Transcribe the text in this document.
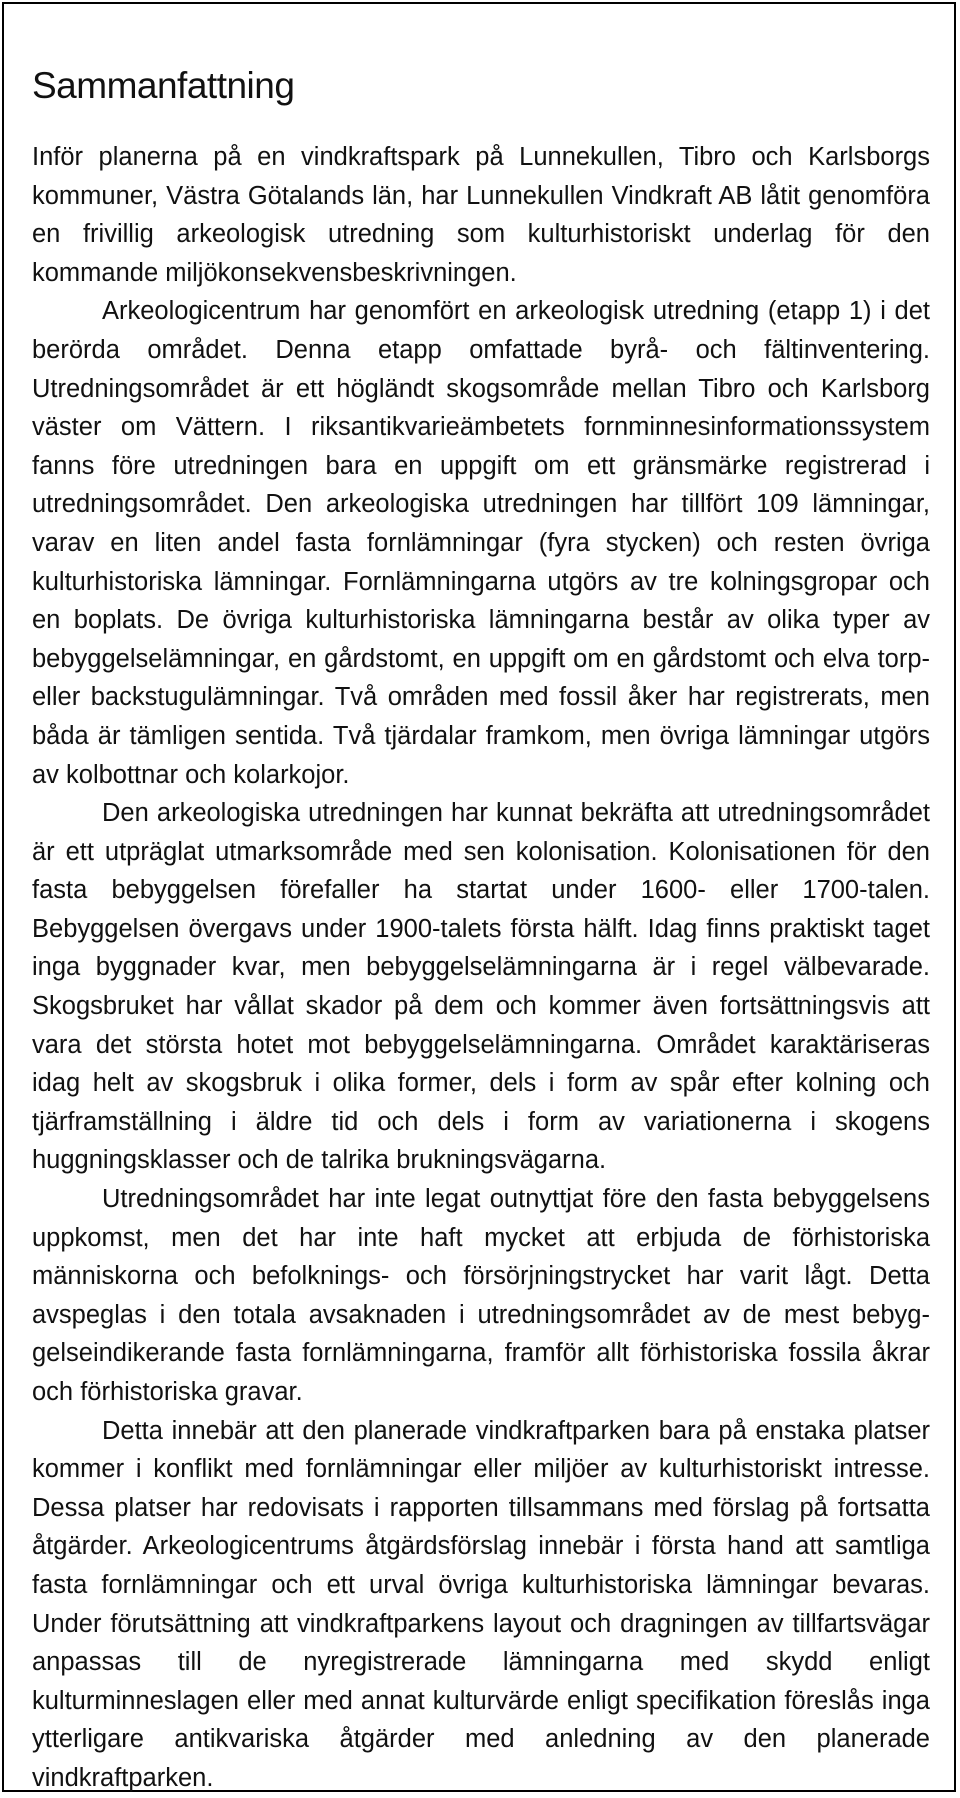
Sammanfattning

Inför planerna på en vindkraftspark på Lunnekullen, Tibro och Karlsborgs kommuner, Västra Götalands län, har Lunnekullen Vindkraft AB låtit genomföra en frivillig arkeologisk utredning som kulturhistoriskt underlag för den kommande miljökonsekvensbeskrivningen.

Arkeologicentrum har genomfört en arkeologisk utredning (etapp 1) i det berörda området. Denna etapp omfattade byrå- och fältinventering. Utredningsområdet är ett högländt skogsområde mellan Tibro och Karlsborg väster om Vättern. I riksantikvarieämbetets fornminnesinformationssystem fanns före utredningen bara en uppgift om ett gränsmärke registrerad i utredningsområdet. Den arkeologiska utredningen har tillfört 109 lämningar, varav en liten andel fasta fornlämningar (fyra stycken) och resten övriga kulturhistoriska lämningar. Fornlämningarna utgörs av tre kolningsgropar och en boplats. De övriga kulturhistoriska lämningarna består av olika typer av bebyggelselämningar, en gårdstomt, en uppgift om en gårdstomt och elva torp- eller backstugulämningar. Två områden med fossil åker har registrerats, men båda är tämligen sentida. Två tjärdalar framkom, men övriga lämningar utgörs av kolbottnar och kolarkojor.

Den arkeologiska utredningen har kunnat bekräfta att utredningsområdet är ett utpräglat utmarksområde med sen kolonisation. Kolonisationen för den fasta bebyggelsen förefaller ha startat under 1600- eller 1700-talen. Bebyggelsen övergavs under 1900-talets första hälft. Idag finns praktiskt taget inga byggnader kvar, men bebyggelselämningarna är i regel välbevarade. Skogsbruket har vållat skador på dem och kommer även fortsättningsvis att vara det största hotet mot bebyggelselämningarna. Området karaktäriseras idag helt av skogsbruk i olika former, dels i form av spår efter kolning och tjärframställning i äldre tid och dels i form av variationerna i skogens huggningsklasser och de talrika brukningsvägarna.

Utredningsområdet har inte legat outnyttjat före den fasta bebyggelsens uppkomst, men det har inte haft mycket att erbjuda de förhistoriska människorna och befolknings- och försörjningstrycket har varit lågt. Detta avspeglas i den totala avsaknaden i utredningsområdet av de mest bebyggelseindikerande fasta fornlämningarna, framför allt förhistoriska fossila åkrar och förhistoriska gravar.

Detta innebär att den planerade vindkraftparken bara på enstaka platser kommer i konflikt med fornlämningar eller miljöer av kulturhistoriskt intresse. Dessa platser har redovisats i rapporten tillsammans med förslag på fortsatta åtgärder. Arkeologicentrums åtgärdsförslag innebär i första hand att samtliga fasta fornlämningar och ett urval övriga kulturhistoriska lämningar bevaras. Under förutsättning att vindkraftparkens layout och dragningen av tillfartsvägar anpassas till de nyregistrerade lämningarna med skydd enligt kulturminneslagen eller med annat kulturvärde enligt specifikation föreslås inga ytterligare antikvariska åtgärder med anledning av den planerade vindkraftparken.
